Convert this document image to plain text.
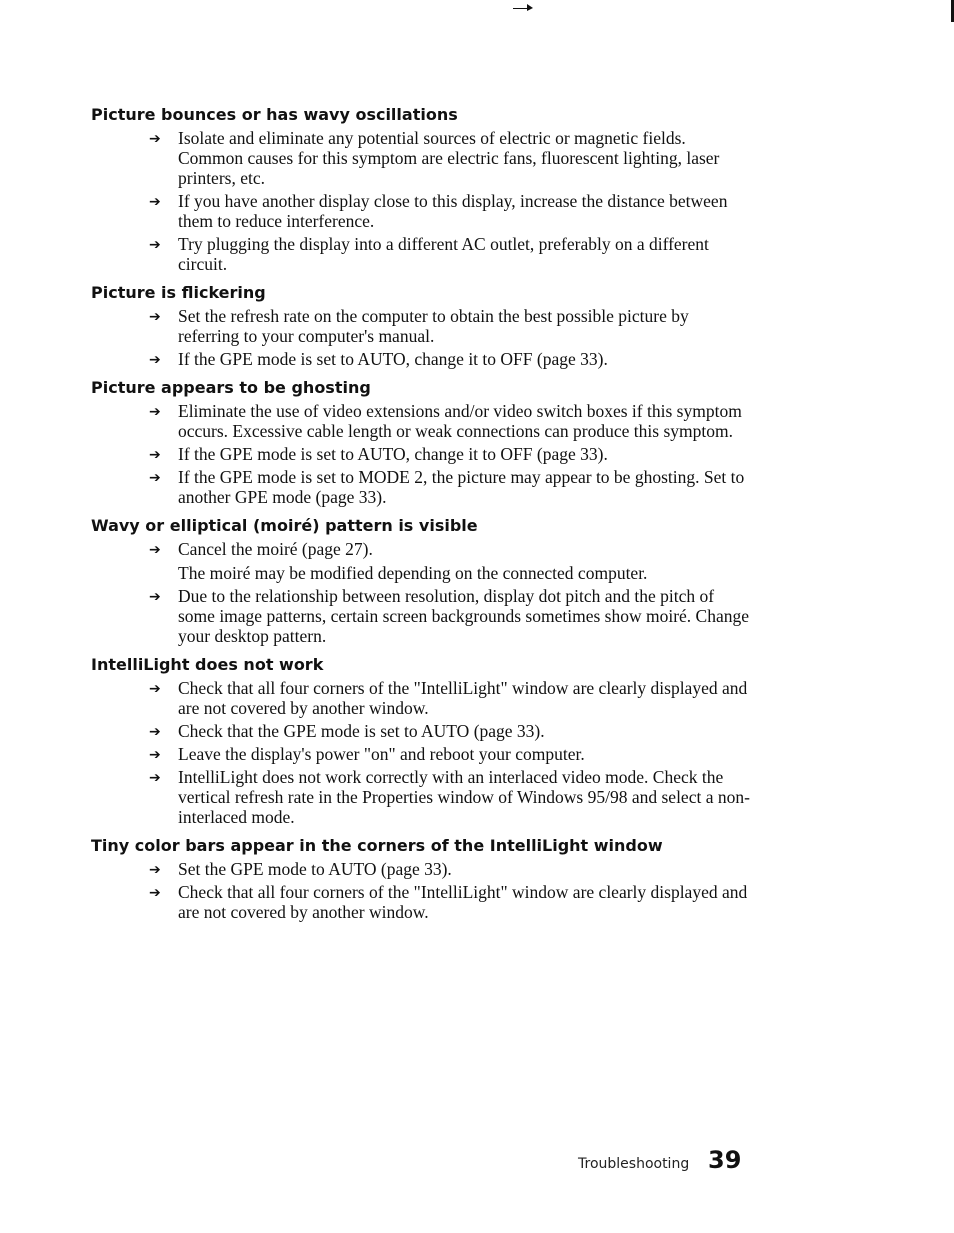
Picture bounces or has wavy oscillations
➔ Isolate and eliminate any potential sources of electric or magnetic fields. Common causes for this symptom are electric fans, fluorescent lighting, laser printers, etc.
➔ If you have another display close to this display, increase the distance between them to reduce interference.
➔ Try plugging the display into a different AC outlet, preferably on a different circuit.
Picture is flickering
➔ Set the refresh rate on the computer to obtain the best possible picture by referring to your computer's manual.
➔ If the GPE mode is set to AUTO, change it to OFF (page 33).
Picture appears to be ghosting
➔ Eliminate the use of video extensions and/or video switch boxes if this symptom occurs. Excessive cable length or weak connections can produce this symptom.
➔ If the GPE mode is set to AUTO, change it to OFF (page 33).
➔ If the GPE mode is set to MODE 2, the picture may appear to be ghosting. Set to another GPE mode (page 33).
Wavy or elliptical (moiré) pattern is visible
➔ Cancel the moiré (page 27).
The moiré may be modified depending on the connected computer.
➔ Due to the relationship between resolution, display dot pitch and the pitch of some image patterns, certain screen backgrounds sometimes show moiré. Change your desktop pattern.
IntelliLight does not work
➔ Check that all four corners of the "IntelliLight" window are clearly displayed and are not covered by another window.
➔ Check that the GPE mode is set to AUTO (page 33).
➔ Leave the display's power "on" and reboot your computer.
➔ IntelliLight does not work correctly with an interlaced video mode. Check the vertical refresh rate in the Properties window of Windows 95/98 and select a non-interlaced mode.
Tiny color bars appear in the corners of the IntelliLight window
➔ Set the GPE mode to AUTO (page 33).
➔ Check that all four corners of the "IntelliLight" window are clearly displayed and are not covered by another window.
Troubleshooting 39
